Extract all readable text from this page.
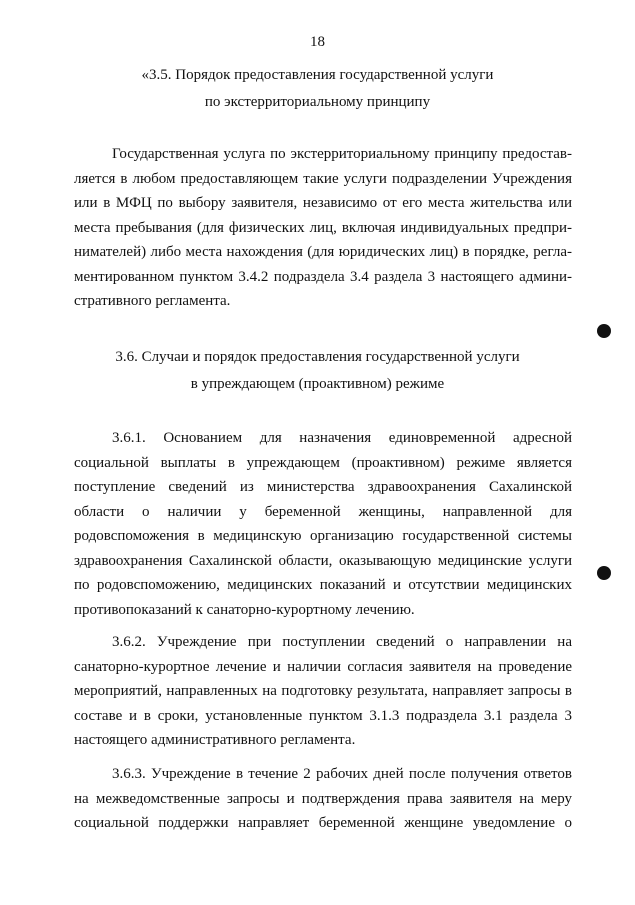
18
«3.5. Порядок предоставления государственной услуги
по экстерриториальному принципу
Государственная услуга по экстерриториальному принципу предостав-
ляется в любом предоставляющем такие услуги подразделении Учреждения
или в МФЦ по выбору заявителя, независимо от его места жительства или
места пребывания (для физических лиц, включая индивидуальных предпри-
нимателей) либо места нахождения (для юридических лиц) в порядке, регла-
ментированном пунктом 3.4.2 подраздела 3.4 раздела 3 настоящего админи-
стративного регламента.
3.6. Случаи и порядок предоставления государственной услуги
в упреждающем (проактивном) режиме
3.6.1. Основанием для назначения единовременной адресной
социальной выплаты в упреждающем (проактивном) режиме является
поступление сведений из министерства здравоохранения Сахалинской
области о наличии у беременной женщины, направленной для
родовспоможения в медицинскую организацию государственной системы
здравоохранения Сахалинской области, оказывающую медицинские услуги
по родовспоможению, медицинских показаний и отсутствии медицинских
противопоказаний к санаторно-курортному лечению.
3.6.2. Учреждение при поступлении сведений о направлении на
санаторно-курортное лечение и наличии согласия заявителя на проведение
мероприятий, направленных на подготовку результата, направляет запросы в
составе и в сроки, установленные пунктом 3.1.3 подраздела 3.1 раздела 3
настоящего административного регламента.
3.6.3. Учреждение в течение 2 рабочих дней после получения ответов
на межведомственные запросы и подтверждения права заявителя на меру
социальной поддержки направляет беременной женщине уведомление о
